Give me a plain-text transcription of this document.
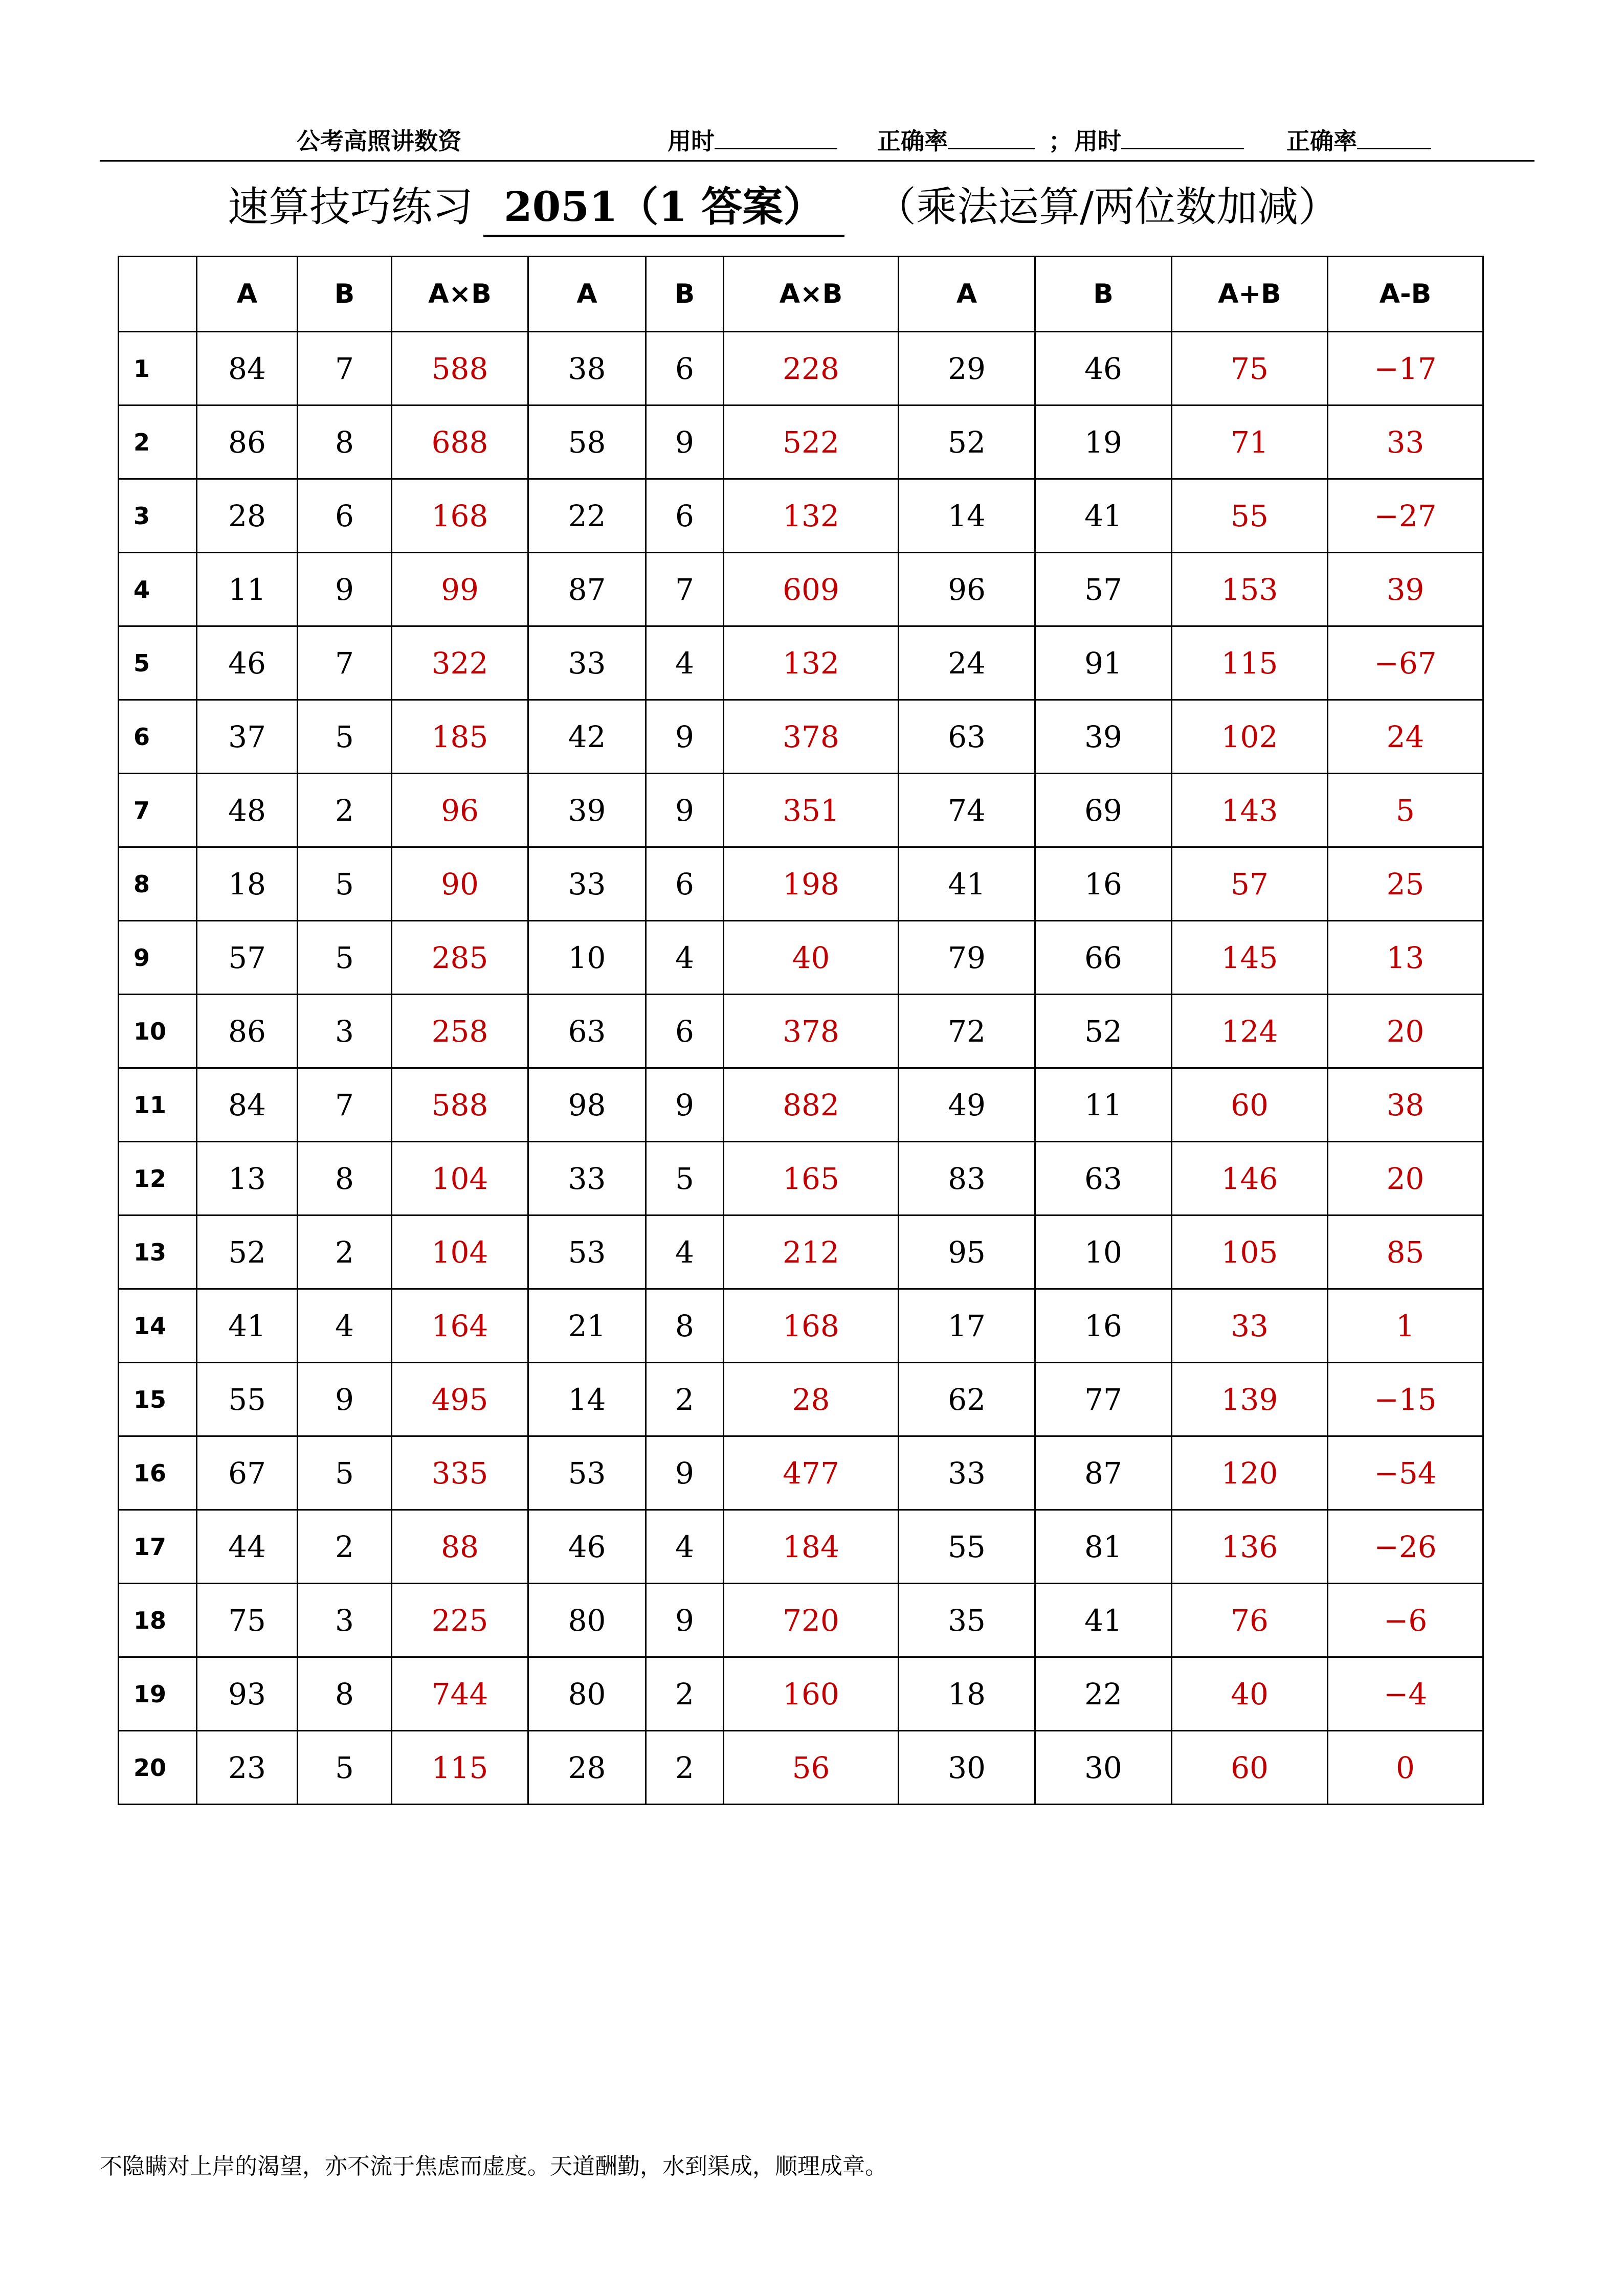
公考高照讲数资	用时	正确率	； 用时	正确率
速算技巧练习 2051（1 答案） （乘法运算/两位数加减）
	A	B	A×B	A	B	A×B	A	B	A+B	A-B
1	84	7	588	38	6	228	29	46	75	−17
2	86	8	688	58	9	522	52	19	71	33
3	28	6	168	22	6	132	14	41	55	−27
4	11	9	99	87	7	609	96	57	153	39
5	46	7	322	33	4	132	24	91	115	−67
6	37	5	185	42	9	378	63	39	102	24
7	48	2	96	39	9	351	74	69	143	5
8	18	5	90	33	6	198	41	16	57	25
9	57	5	285	10	4	40	79	66	145	13
10	86	3	258	63	6	378	72	52	124	20
11	84	7	588	98	9	882	49	11	60	38
12	13	8	104	33	5	165	83	63	146	20
13	52	2	104	53	4	212	95	10	105	85
14	41	4	164	21	8	168	17	16	33	1
15	55	9	495	14	2	28	62	77	139	−15
16	67	5	335	53	9	477	33	87	120	−54
17	44	2	88	46	4	184	55	81	136	−26
18	75	3	225	80	9	720	35	41	76	−6
19	93	8	744	80	2	160	18	22	40	−4
20	23	5	115	28	2	56	30	30	60	0
不隐瞒对上岸的渴望，亦不流于焦虑而虚度。天道酬勤，水到渠成，顺理成章。
